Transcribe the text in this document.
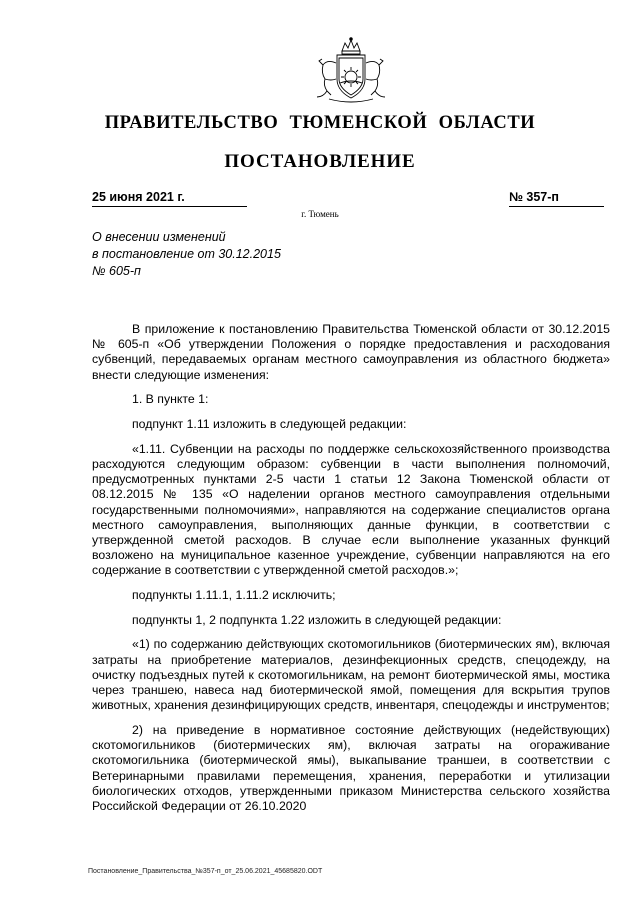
ПРАВИТЕЛЬСТВО ТЮМЕНСКОЙ ОБЛАСТИ
ПОСТАНОВЛЕНИЕ
25 июня 2021 г.	№ 357-п
г. Тюмень
О внесении изменений
в постановление от 30.12.2015
№ 605-п

В приложение к постановлению Правительства Тюменской области от 30.12.2015 № 605-п «Об утверждении Положения о порядке предоставления и расходования субвенций, передаваемых органам местного самоуправления из областного бюджета» внести следующие изменения:

1. В пункте 1:

подпункт 1.11 изложить в следующей редакции:

«1.11. Субвенции на расходы по поддержке сельскохозяйственного производства расходуются следующим образом: субвенции в части выполнения полномочий, предусмотренных пунктами 2-5 части 1 статьи 12 Закона Тюменской области от 08.12.2015 № 135 «О наделении органов местного самоуправления отдельными государственными полномочиями», направляются на содержание специалистов органа местного самоуправления, выполняющих данные функции, в соответствии с утвержденной сметой расходов. В случае если выполнение указанных функций возложено на муниципальное казенное учреждение, субвенции направляются на его содержание в соответствии с утвержденной сметой расходов.»;

подпункты 1.11.1, 1.11.2 исключить;

подпункты 1, 2 подпункта 1.22 изложить в следующей редакции:

«1) по содержанию действующих скотомогильников (биотермических ям), включая затраты на приобретение материалов, дезинфекционных средств, спецодежду, на очистку подъездных путей к скотомогильникам, на ремонт биотермической ямы, мостика через траншею, навеса над биотермической ямой, помещения для вскрытия трупов животных, хранения дезинфицирующих средств, инвентаря, спецодежды и инструментов;

2) на приведение в нормативное состояние действующих (недействующих) скотомогильников (биотермических ям), включая затраты на огораживание скотомогильника (биотермической ямы), выкапывание траншеи, в соответствии с Ветеринарными правилами перемещения, хранения, переработки и утилизации биологических отходов, утвержденными приказом Министерства сельского хозяйства Российской Федерации от 26.10.2020

Постановление_Правительства_№357-п_от_25.06.2021_45685820.ODT
